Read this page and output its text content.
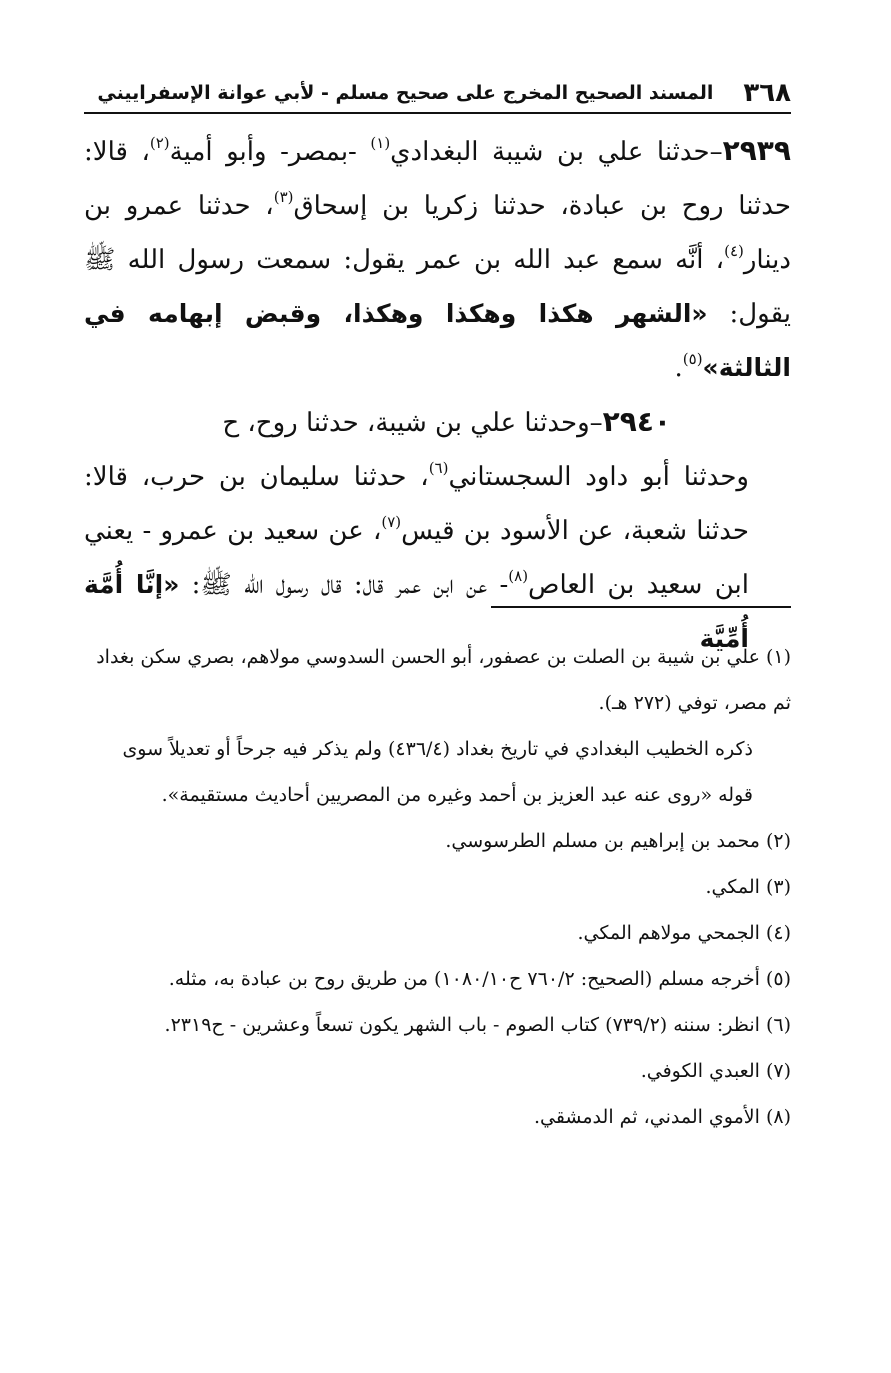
٣٦٨
المسند الصحيح المخرج على صحيح مسلم - لأبي عوانة الإسفراييني

٢٩٣٩–حدثنا علي بن شيبة البغدادي$^{(١)}$ -بمصر- وأبو أمية$^{(٢)}$، قالا: حدثنا روح بن عبادة، حدثنا زكريا بن إسحاق$^{(٣)}$، حدثنا عمرو بن دينار$^{(٤)}$، أنَّه سمع عبد الله بن عمر يقول: سمعت رسول الله ﷺ يقول: «الشهر هكذا وهكذا وهكذا، وقبض إبهامه في الثالثة»$^{(٥)}$.

٢٩٤٠–وحدثنا علي بن شيبة، حدثنا روح، ح

وحدثنا أبو داود السجستاني$^{(٦)}$، حدثنا سليمان بن حرب، قالا: حدثنا شعبة، عن الأسود بن قيس$^{(٧)}$، عن سعيد بن عمرو - يعني ابن سعيد بن العاص$^{(٨)}$- عن ابن عمر قال: قال رسول الله ﷺ: «إنَّا أُمَّة أُمِّيَّة

(١) علي بن شيبة بن الصلت بن عصفور، أبو الحسن السدوسي مولاهم، بصري سكن بغداد ثم مصر، توفي (٢٧٢ هـ).

ذكره الخطيب البغدادي في تاريخ بغداد (٤٣٦/٤) ولم يذكر فيه جرحاً أو تعديلاً سوى قوله «روى عنه عبد العزيز بن أحمد وغيره من المصريين أحاديث مستقيمة».

(٢) محمد بن إبراهيم بن مسلم الطرسوسي.

(٣) المكي.

(٤) الجمحي مولاهم المكي.

(٥) أخرجه مسلم (الصحيح: ٧٦٠/٢ ح١٠٨٠/١٠) من طريق روح بن عبادة به، مثله.

(٦) انظر: سننه (٧٣٩/٢) كتاب الصوم - باب الشهر يكون تسعاً وعشرين - ح٢٣١٩.

(٧) العبدي الكوفي.

(٨) الأموي المدني، ثم الدمشقي.
